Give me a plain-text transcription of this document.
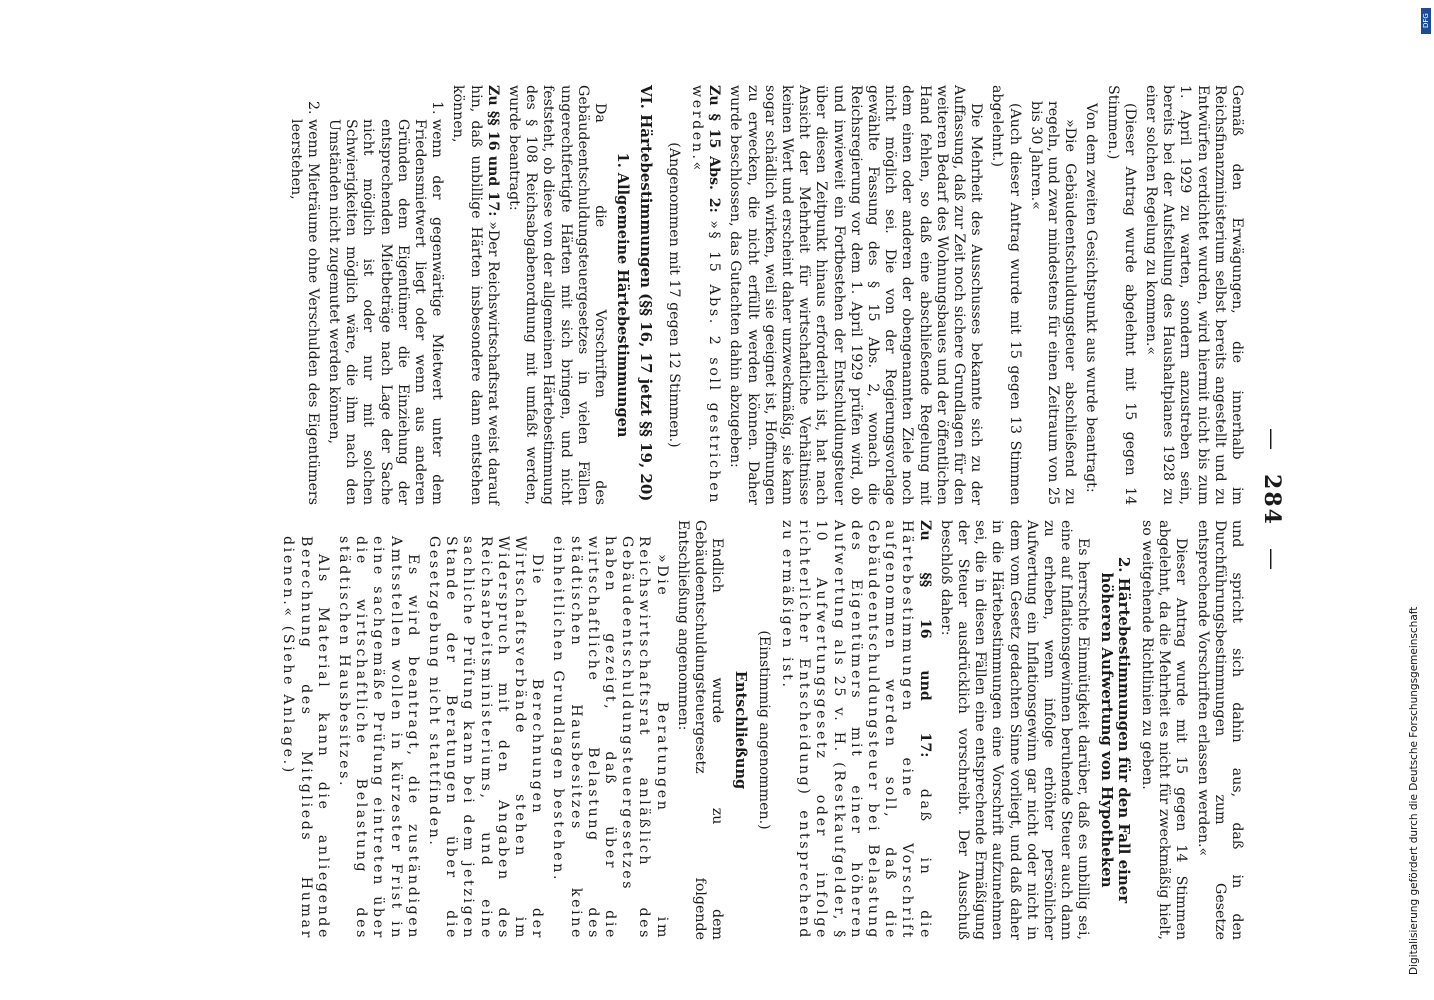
—284—

Gemäß den Erwägungen, die innerhalb im Reichsfinanzministerium selbst bereits angestellt und zu Entwürfen verdichtet wurden, wird hiermit nicht bis zum 1. April 1929 zu warten, sondern anzustreben sein, bereits bei der Aufstellung des Haushaltplanes 1928 zu einer solchen Regelung zu kommen.«

(Dieser Antrag wurde abgelehnt mit 15 gegen 14 Stimmen.)

Von dem zweiten Gesichtspunkt aus wurde beantragt:

»Die Gebäudeentschuldungsteuer abschließend zu regeln, und zwar mindestens für einen Zeitraum von 25 bis 30 Jahren.«

(Auch dieser Antrag wurde mit 15 gegen 13 Stimmen abgelehnt.)

Die Mehrheit des Ausschusses bekannte sich zu der Auffassung, daß zur Zeit noch sichere Grundlagen für den weiteren Bedarf des Wohnungsbaues und der öffentlichen Hand fehlen, so daß eine abschließende Regelung mit dem einen oder anderen der obengenannten Ziele noch nicht möglich sei. Die von der Regierungsvorlage gewählte Fassung des § 15 Abs. 2, wonach die Reichsregierung vor dem 1. April 1929 prüfen wird, ob und inwieweit ein Fortbestehen der Entschuldungsteuer über diesen Zeitpunkt hinaus erforderlich ist, hat nach Ansicht der Mehrheit für wirtschaftliche Verhältnisse keinen Wert und erscheint daher unzweckmäßig, sie kann sogar schädlich wirken, weil sie geeignet ist, Hoffnungen zu erwecken, die nicht erfüllt werden können. Daher wurde beschlossen, das Gutachten dahin abzugeben:

Zu § 15 Abs. 2: »§ 15 Abs. 2 soll gestrichen werden.«

(Angenommen mit 17 gegen 12 Stimmen.)

VI. Härtebestimmungen (§§ 16, 17 jetzt §§ 19, 20)
1. Allgemeine Härtebestimmungen

Da die Vorschriften des Gebäudeentschuldungsteuergesetzes in vielen Fällen ungerechtfertigte Härten mit sich bringen, und nicht feststeht, ob diese von der allgemeinen Härtebestimmung des § 108 Reichsabgabenordnung mit umfaßt werden, wurde beantragt:

Zu §§ 16 und 17: »Der Reichswirtschaftsrat weist darauf hin, daß unbillige Härten insbesondere dann entstehen können,

1. wenn der gegenwärtige Mietwert unter dem Friedensmietwert liegt oder wenn aus anderen Gründen dem Eigentümer die Einziehung der entsprechenden Mietbeträge nach Lage der Sache nicht möglich ist oder nur mit solchen Schwierigkeiten möglich wäre, die ihm nach den Umständen nicht zugemutet werden können,
2. wenn Mieträume ohne Verschulden des Eigentümers leerstehen,

und spricht sich dahin aus, daß in den Durchführungsbestimmungen zum Gesetze entsprechende Vorschriften erlassen werden.«

Dieser Antrag wurde mit 15 gegen 14 Stimmen abgelehnt, da die Mehrheit es nicht für zweckmäßig hielt, so weitgehende Richtlinien zu geben.

2. Härtebestimmungen für den Fall einer höheren Aufwertung von Hypotheken

Es herrschte Einmütigkeit darüber, daß es unbillig sei, eine auf Inflationsgewinnen beruhende Steuer auch dann zu erheben, wenn infolge erhöhter persönlicher Aufwertung ein Inflationsgewinn gar nicht oder nicht in dem vom Gesetz gedachten Sinne vorliegt, und daß daher in die Härtebestimmungen eine Vorschrift aufzunehmen sei, die in diesen Fällen eine entsprechende Ermäßigung der Steuer ausdrücklich vorschreibt. Der Ausschuß beschloß daher:

Zu §§ 16 und 17: daß in die Härtebestimmungen eine Vorschrift aufgenommen werden soll, daß die Gebäudeentschuldungsteuer bei Belastung des Eigentümers mit einer höheren Aufwertung als 25 v. H. (Restkaufgelder, § 10 Aufwertungsgesetz oder infolge richterlicher Entscheidung) entsprechend zu ermäßigen ist.

(Einstimmig angenommen.)

Entschließung

Endlich wurde zu dem Gebäudeentschuldungsteuergesetz folgende Entschließung angenommen:

»Die Beratungen im Reichswirtschaftsrat anläßlich des Gebäudeentschuldungsteuergesetzes haben gezeigt, daß über die wirtschaftliche Belastung des städtischen Hausbesitzes keine einheitlichen Grundlagen bestehen.

Die Berechnungen der Wirtschaftsverbände stehen im Widerspruch mit den Angaben des Reichsarbeitsministeriums, und eine sachliche Prüfung kann bei dem jetzigen Stande der Beratungen über die Gesetzgebung nicht stattfinden.

Es wird beantragt, die zuständigen Amtsstellen wollen in kürzester Frist in eine sachgemäße Prüfung eintreten über die wirtschaftliche Belastung des städtischen Hausbesitzes.

Als Material kann die anliegende Berechnung des Mitglieds Humar dienen.« (Siehe Anlage.)	Digitalisierung gefördert durch die Deutsche Forschungsgemeinschaft
DFG
